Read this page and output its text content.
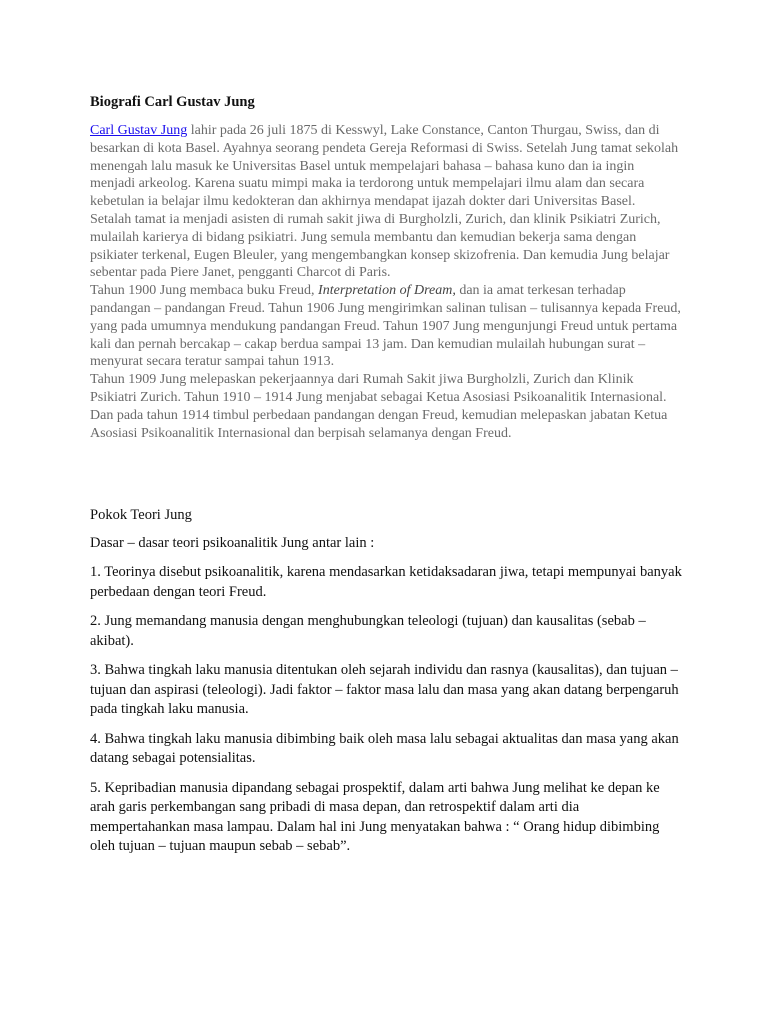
Biografi Carl Gustav Jung

Carl Gustav Jung lahir pada 26 juli 1875 di Kesswyl, Lake Constance, Canton Thurgau, Swiss, dan di besarkan di kota Basel. Ayahnya seorang pendeta Gereja Reformasi di Swiss. Setelah Jung tamat sekolah menengah lalu masuk ke Universitas Basel untuk mempelajari bahasa – bahasa kuno dan ia ingin menjadi arkeolog. Karena suatu mimpi maka ia terdorong untuk mempelajari ilmu alam dan secara kebetulan ia belajar ilmu kedokteran dan akhirnya mendapat ijazah dokter dari Universitas Basel.

Setalah tamat ia menjadi asisten di rumah sakit jiwa di Burgholzli, Zurich, dan klinik Psikiatri Zurich, mulailah karierya di bidang psikiatri. Jung semula membantu dan kemudian bekerja sama dengan psikiater terkenal, Eugen Bleuler, yang mengembangkan konsep skizofrenia. Dan kemudia Jung belajar sebentar pada Piere Janet, pengganti Charcot di Paris.

Tahun 1900 Jung membaca buku Freud, Interpretation of Dream, dan ia amat terkesan terhadap pandangan – pandangan Freud. Tahun 1906 Jung mengirimkan salinan tulisan – tulisannya kepada Freud, yang pada umumnya mendukung pandangan Freud. Tahun 1907 Jung mengunjungi Freud untuk pertama kali dan pernah bercakap – cakap berdua sampai 13 jam. Dan kemudian mulailah hubungan surat – menyurat secara teratur sampai tahun 1913.

Tahun 1909 Jung melepaskan pekerjaannya dari Rumah Sakit jiwa Burgholzli, Zurich dan Klinik Psikiatri Zurich. Tahun 1910 – 1914 Jung menjabat sebagai Ketua Asosiasi Psikoanalitik Internasional. Dan pada tahun 1914 timbul perbedaan pandangan dengan Freud, kemudian melepaskan jabatan Ketua Asosiasi Psikoanalitik Internasional dan berpisah selamanya dengan Freud.

Pokok Teori Jung

Dasar – dasar teori psikoanalitik Jung antar lain :

1. Teorinya disebut psikoanalitik, karena mendasarkan ketidaksadaran jiwa, tetapi mempunyai banyak perbedaan dengan teori Freud.

2. Jung memandang manusia dengan menghubungkan teleologi (tujuan) dan kausalitas (sebab – akibat).

3. Bahwa tingkah laku manusia ditentukan oleh sejarah individu dan rasnya (kausalitas), dan tujuan – tujuan dan aspirasi (teleologi). Jadi faktor – faktor masa lalu dan masa yang akan datang berpengaruh pada tingkah laku manusia.

4. Bahwa tingkah laku manusia dibimbing baik oleh masa lalu sebagai aktualitas dan masa yang akan datang sebagai potensialitas.

5. Kepribadian manusia dipandang sebagai prospektif, dalam arti bahwa Jung melihat ke depan ke arah garis perkembangan sang pribadi di masa depan, dan retrospektif dalam arti dia mempertahankan masa lampau. Dalam hal ini Jung menyatakan bahwa : “ Orang hidup dibimbing oleh tujuan – tujuan maupun sebab – sebab”.
